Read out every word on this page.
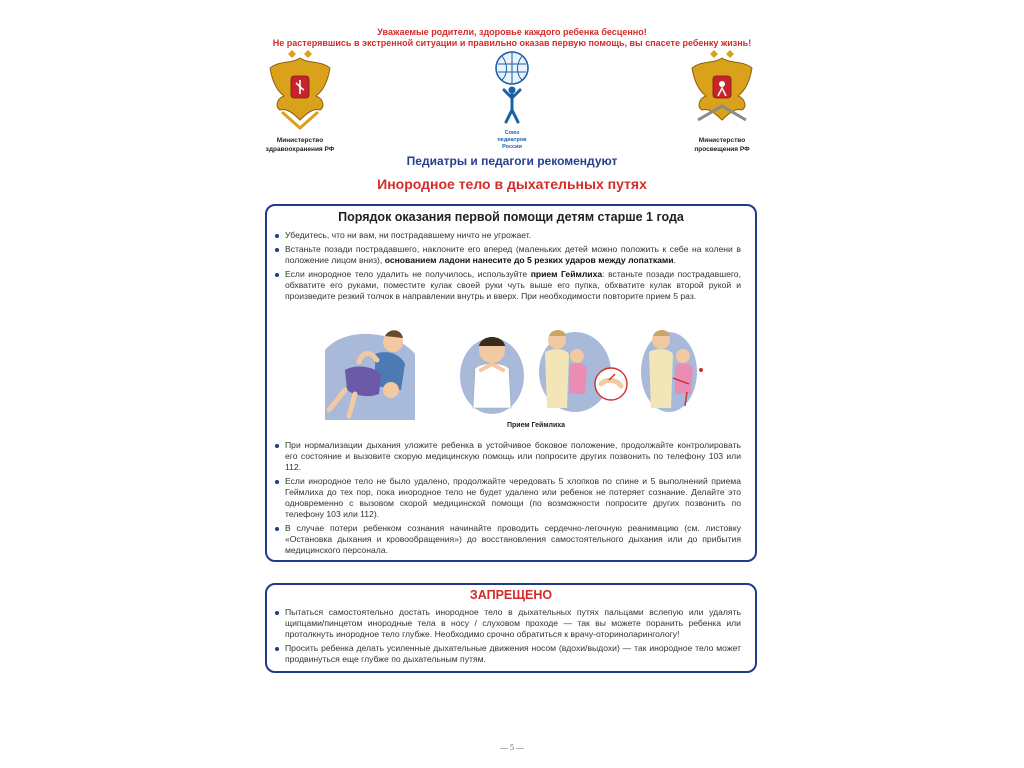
Уважаемые родители, здоровье каждого ребенка бесценно!
Не растерявшись в экстренной ситуации и правильно оказав первую помощь, вы спасете ребенку жизнь!
Министерство
здравоохранения РФ
Союз
педиатров
России
Министерство
просвещения РФ
Педиатры и педагоги рекомендуют
Инородное тело в дыхательных путях
Порядок оказания первой помощи детям старше 1 года
Убедитесь, что ни вам, ни пострадавшему ничто не угрожает.
Встаньте позади пострадавшего, наклоните его вперед (маленьких детей можно положить к себе на колени в положение лицом вниз), основанием ладони нанесите до 5 резких ударов между лопатками.
Если инородное тело удалить не получилось, используйте прием Геймлиха: встаньте позади пострадавшего, обхватите его руками, поместите кулак своей руки чуть выше его пупка, обхватите кулак второй рукой и произведите резкий толчок в направлении внутрь и вверх. При необходимости повторите прием 5 раз.
Прием Геймлиха
При нормализации дыхания уложите ребенка в устойчивое боковое положение, продолжайте контролировать его состояние и вызовите скорую медицинскую помощь или попросите других позвонить по телефону 103 или 112.
Если инородное тело не было удалено, продолжайте чередовать 5 хлопков по спине и 5 выполнений приема Геймлиха до тех пор, пока инородное тело не будет удалено или ребенок не потеряет сознание. Делайте это одновременно с вызовом скорой медицинской помощи (по возможности попросите других позвонить по телефону 103 или 112).
В случае потери ребенком сознания начинайте проводить сердечно-легочную реанимацию (см. листовку «Остановка дыхания и кровообращения») до восстановления самостоятельного дыхания или до прибытия медицинского персонала.
ЗАПРЕЩЕНО
Пытаться самостоятельно достать инородное тело в дыхательных путях пальцами вслепую или удалять щипцами/пинцетом инородные тела в носу / слуховом проходе — так вы можете поранить ребенка или протолкнуть инородное тело глубже. Необходимо срочно обратиться к врачу-оториноларингологу!
Просить ребенка делать усиленные дыхательные движения носом (вдохи/выдохи) — так инородное тело может продвинуться еще глубже по дыхательным путям.
— 5 —
